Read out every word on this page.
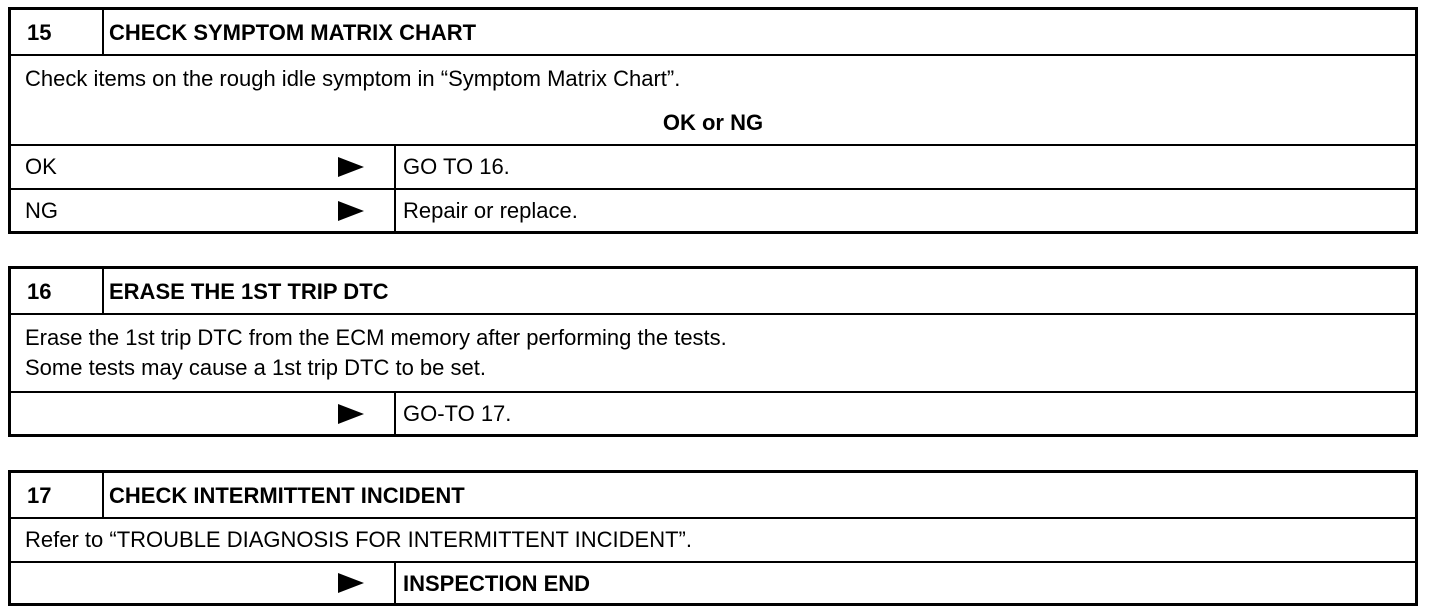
15	CHECK SYMPTOM MATRIX CHART
Check items on the rough idle symptom in “Symptom Matrix Chart”.
OK or NG
OK	GO TO 16.
NG	Repair or replace.
16	ERASE THE 1ST TRIP DTC
Erase the 1st trip DTC from the ECM memory after performing the tests.
Some tests may cause a 1st trip DTC to be set.
GO-TO 17.
17	CHECK INTERMITTENT INCIDENT
Refer to “TROUBLE DIAGNOSIS FOR INTERMITTENT INCIDENT”.
INSPECTION END
